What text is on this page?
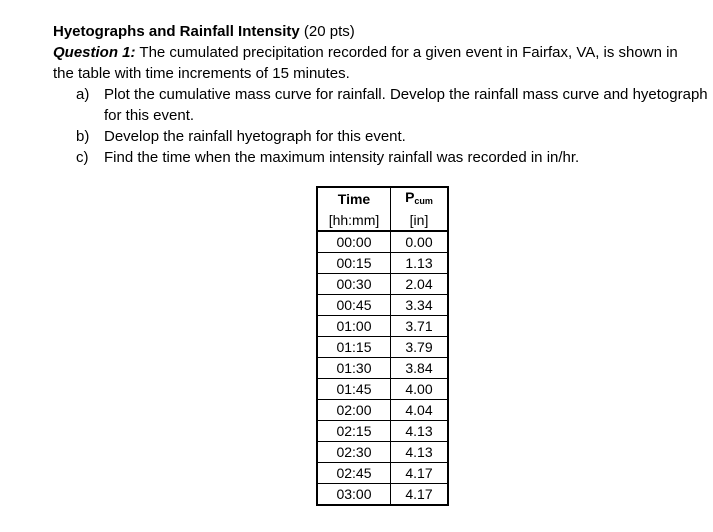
Hyetographs and Rainfall Intensity (20 pts)
Question 1: The cumulated precipitation recorded for a given event in Fairfax, VA, is shown in
the table with time increments of 15 minutes.
a) Plot the cumulative mass curve for rainfall. Develop the rainfall mass curve and hyetograph for this event.
b) Develop the rainfall hyetograph for this event.
c) Find the time when the maximum intensity rainfall was recorded in in/hr.
Time	$P_{cum}$
[hh:mm]	[in]
00:00	0.00
00:15	1.13
00:30	2.04
00:45	3.34
01:00	3.71
01:15	3.79
01:30	3.84
01:45	4.00
02:00	4.04
02:15	4.13
02:30	4.13
02:45	4.17
03:00	4.17
